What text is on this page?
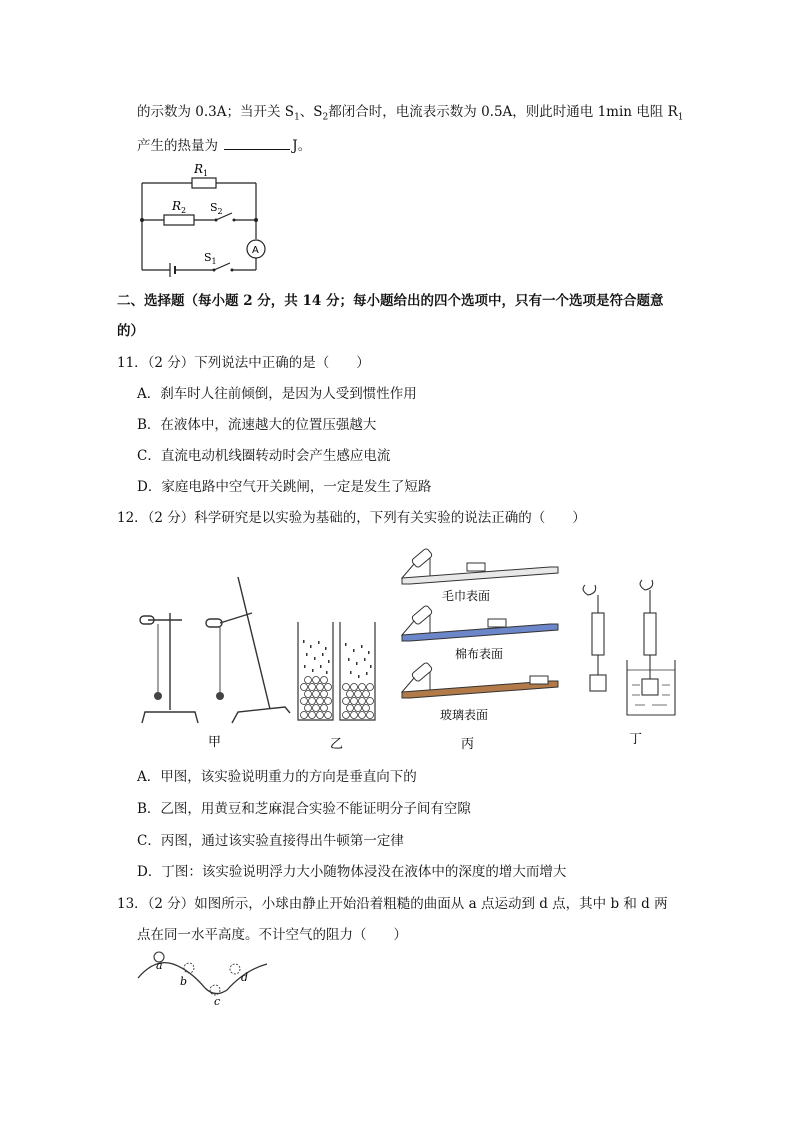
的示数为 0.3A；当开关 $S_1$、$S_2$都闭合时，电流表示数为 0.5A，则此时通电 1min 电阻 $R_1$
产生的热量为	J。
$R_1$
$R_2$ $S_2$
$S_1$
A
二、选择题（每小题 2 分，共 14 分；每小题给出的四个选项中，只有一个选项是符合题意
的）
11．（2 分）下列说法中正确的是（　　）
A．刹车时人往前倾倒，是因为人受到惯性作用
B．在液体中，流速越大的位置压强越大
C．直流电动机线圈转动时会产生感应电流
D．家庭电路中空气开关跳闸，一定是发生了短路
12．（2 分）科学研究是以实验为基础的，下列有关实验的说法正确的（　　）
毛巾表面
棉布表面
玻璃表面
甲	乙	丙	丁
A．甲图，该实验说明重力的方向是垂直向下的
B．乙图，用黄豆和芝麻混合实验不能证明分子间有空隙
C．丙图，通过该实验直接得出牛顿第一定律
D．丁图：该实验说明浮力大小随物体浸没在液体中的深度的增大而增大
13．（2 分）如图所示，小球由静止开始沿着粗糙的曲面从 a 点运动到 d 点，其中 b 和 d 两
点在同一水平高度。不计空气的阻力（　　）
a
b
c
d
